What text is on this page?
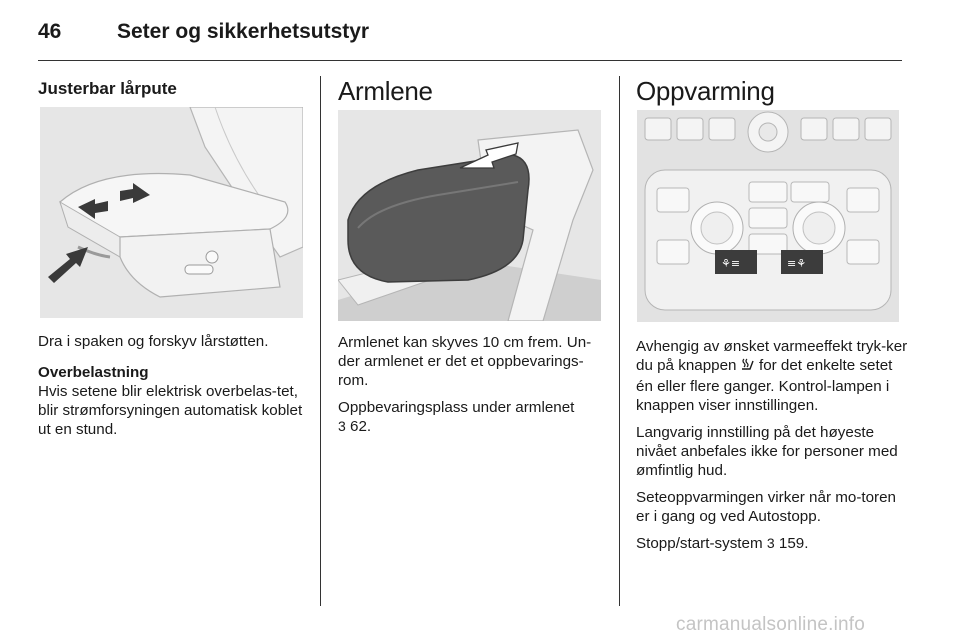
46	Seter og sikkerhetsutstyr
Justerbar lårpute

Dra i spaken og forskyv lårstøtten.

Overbelastning

Hvis setene blir elektrisk overbelas-tet, blir strømforsyningen automatisk koblet ut en stund.

Armlene

Armlenet kan skyves 10 cm frem. Un-der armlenet er det et oppbevarings-rom.

Oppbevaringsplass under armlenet
3 62.

Oppvarming
⚘≡	≡⚘

Avhengig av ønsket varmeeffekt tryk-ker du på knappen for det enkelte setet én eller flere ganger. Kontrol-lampen i knappen viser innstillingen.

Langvarig innstilling på det høyeste nivået anbefales ikke for personer med ømfintlig hud.

Seteoppvarmingen virker når mo-toren er i gang og ved Autostopp.

Stopp/start-system 3 159.

carmanualsonline.info
